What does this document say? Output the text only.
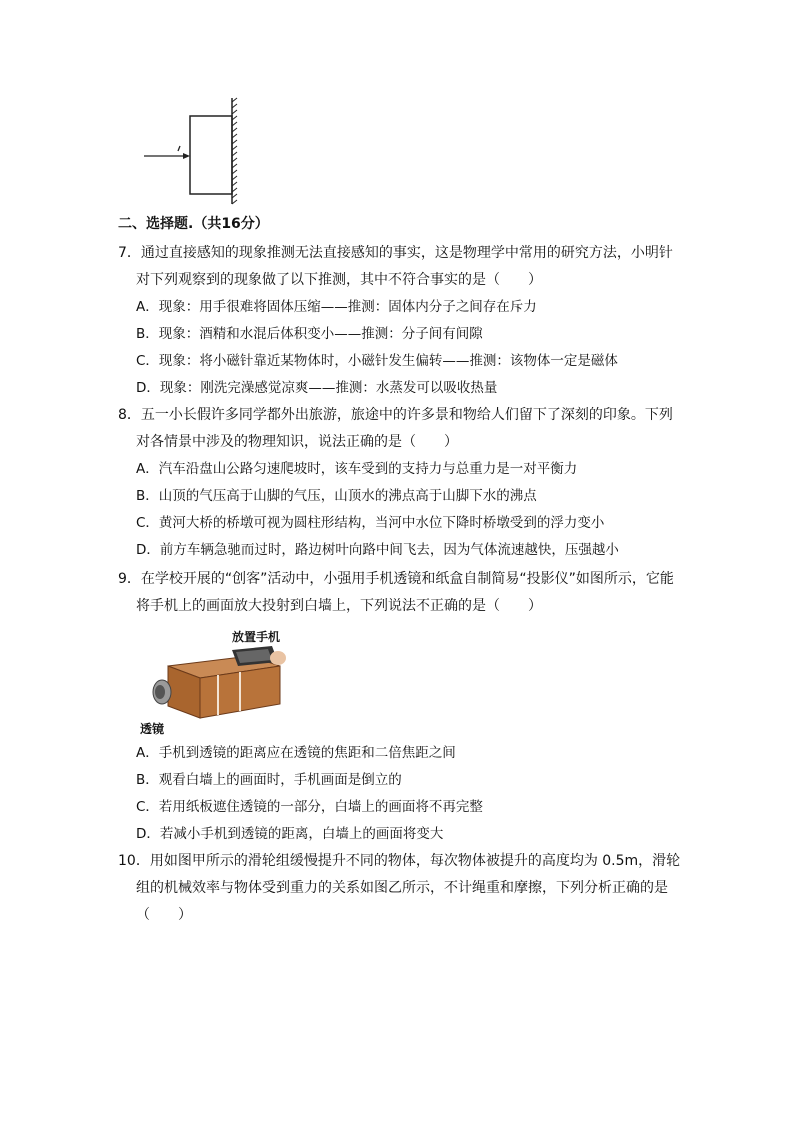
二、选择题.（共16分）
7．通过直接感知的现象推测无法直接感知的事实，这是物理学中常用的研究方法，小明针
对下列观察到的现象做了以下推测，其中不符合事实的是（　　）
A．现象：用手很难将固体压缩——推测：固体内分子之间存在斥力
B．现象：酒精和水混后体积变小——推测：分子间有间隙
C．现象：将小磁针靠近某物体时，小磁针发生偏转——推测：该物体一定是磁体
D．现象：刚洗完澡感觉凉爽——推测：水蒸发可以吸收热量
8．五一小长假许多同学都外出旅游，旅途中的许多景和物给人们留下了深刻的印象。下列
对各情景中涉及的物理知识，说法正确的是（　　）
A．汽车沿盘山公路匀速爬坡时，该车受到的支持力与总重力是一对平衡力
B．山顶的气压高于山脚的气压，山顶水的沸点高于山脚下水的沸点
C．黄河大桥的桥墩可视为圆柱形结构，当河中水位下降时桥墩受到的浮力变小
D．前方车辆急驰而过时，路边树叶向路中间飞去，因为气体流速越快，压强越小
9．在学校开展的“创客”活动中，小强用手机透镜和纸盒自制简易“投影仪”如图所示，它能
将手机上的画面放大投射到白墙上，下列说法不正确的是（　　）
放置手机
透镜
A．手机到透镜的距离应在透镜的焦距和二倍焦距之间
B．观看白墙上的画面时，手机画面是倒立的
C．若用纸板遮住透镜的一部分，白墙上的画面将不再完整
D．若减小手机到透镜的距离，白墙上的画面将变大
10．用如图甲所示的滑轮组缓慢提升不同的物体，每次物体被提升的高度均为 0.5m，滑轮
组的机械效率与物体受到重力的关系如图乙所示，不计绳重和摩擦，下列分析正确的是
（　　）
